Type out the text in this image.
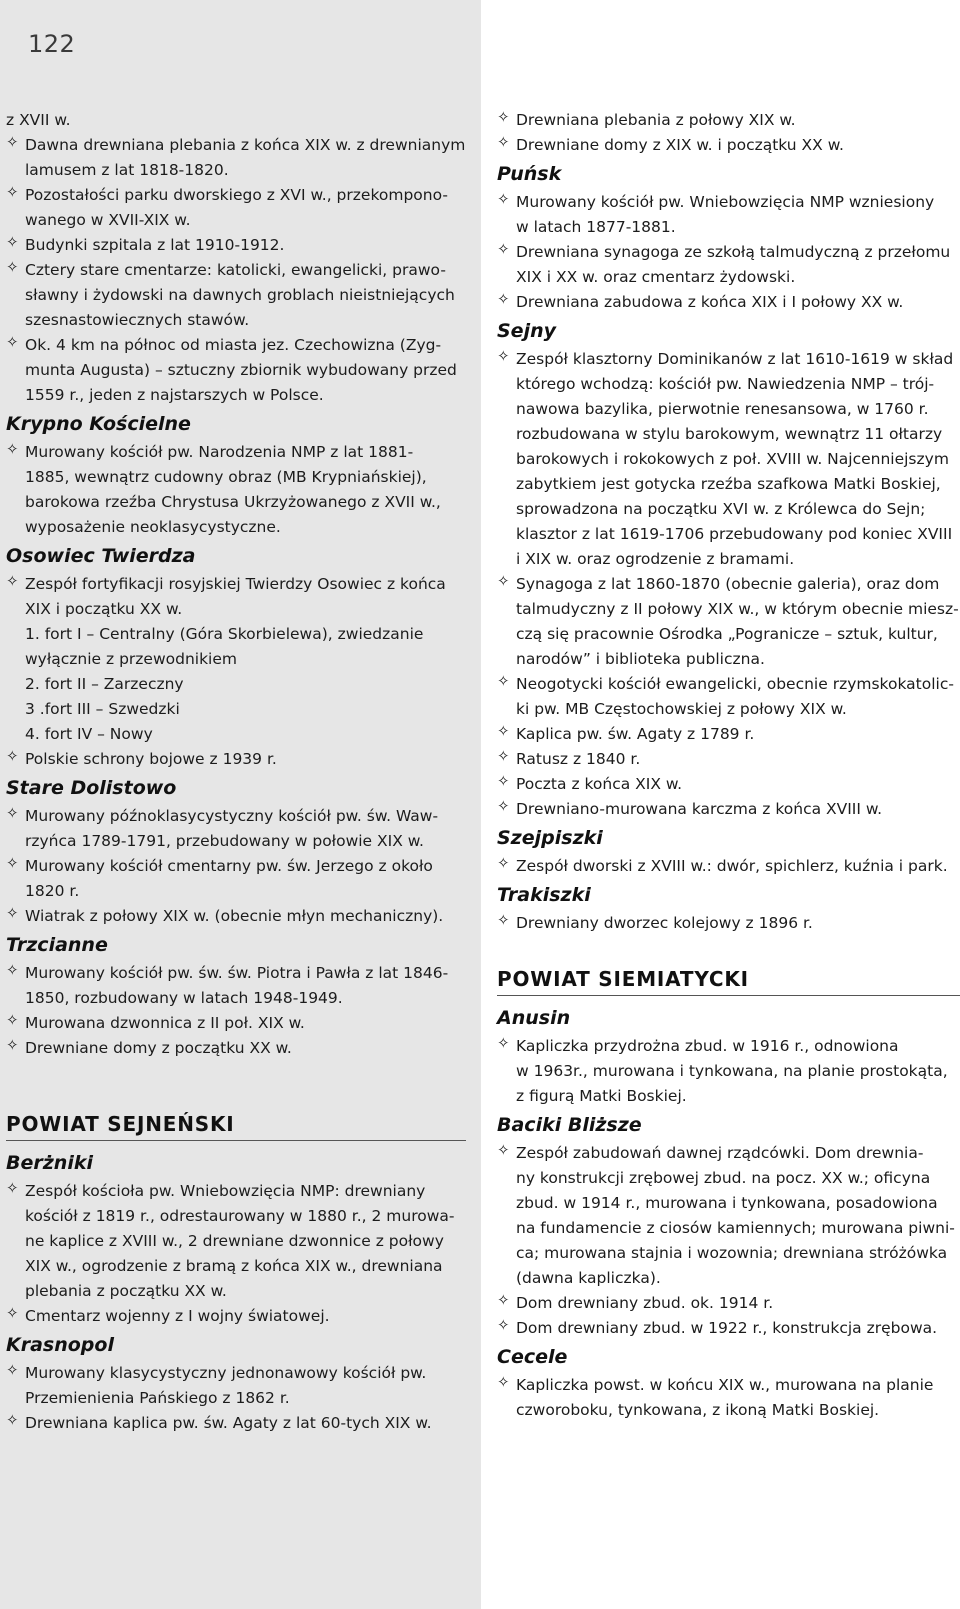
122
z XVII w.
✧ Dawna drewniana plebania z końca XIX w. z drewnianym
lamusem z lat 1818-1820.
✧ Pozostałości parku dworskiego z XVI w., przekompono-
wanego w XVII-XIX w.
✧ Budynki szpitala z lat 1910-1912.
✧ Cztery stare cmentarze: katolicki, ewangelicki, prawo-
sławny i żydowski na dawnych groblach nieistniejących
szesnastowiecznych stawów.
✧ Ok. 4 km na północ od miasta jez. Czechowizna (Zyg-
munta Augusta) – sztuczny zbiornik wybudowany przed
1559 r., jeden z najstarszych w Polsce.
Krypno Kościelne
✧ Murowany kościół pw. Narodzenia NMP z lat 1881-
1885, wewnątrz cudowny obraz (MB Krypniańskiej),
barokowa rzeźba Chrystusa Ukrzyżowanego z XVII w.,
wyposażenie neoklasycystyczne.
Osowiec Twierdza
✧ Zespół fortyfikacji rosyjskiej Twierdzy Osowiec z końca
XIX i początku XX w.
1. fort I – Centralny (Góra Skorbielewa), zwiedzanie
wyłącznie z przewodnikiem
2. fort II – Zarzeczny
3 .fort III – Szwedzki
4. fort IV – Nowy
✧ Polskie schrony bojowe z 1939 r.
Stare Dolistowo
✧ Murowany późnoklasycystyczny kościół pw. św. Waw-
rzyńca 1789-1791, przebudowany w połowie XIX w.
✧ Murowany kościół cmentarny pw. św. Jerzego z około
1820 r.
✧ Wiatrak z połowy XIX w. (obecnie młyn mechaniczny).
Trzcianne
✧ Murowany kościół pw. św. św. Piotra i Pawła z lat 1846-
1850, rozbudowany w latach 1948-1949.
✧ Murowana dzwonnica z II poł. XIX w.
✧ Drewniane domy z początku XX w.
POWIAT SEJNEŃSKI
Berżniki
✧ Zespół kościoła pw. Wniebowzięcia NMP: drewniany
kościół z 1819 r., odrestaurowany w 1880 r., 2 murowa-
ne kaplice z XVIII w., 2 drewniane dzwonnice z połowy
XIX w., ogrodzenie z bramą z końca XIX w., drewniana
plebania z początku XX w.
✧ Cmentarz wojenny z I wojny światowej.
Krasnopol
✧ Murowany klasycystyczny jednonawowy kościół pw.
Przemienienia Pańskiego z 1862 r.
✧ Drewniana kaplica pw. św. Agaty z lat 60-tych XIX w.
✧ Drewniana plebania z połowy XIX w.
✧ Drewniane domy z XIX w. i początku XX w.
Puńsk
✧ Murowany kościół pw. Wniebowzięcia NMP wzniesiony
w latach 1877-1881.
✧ Drewniana synagoga ze szkołą talmudyczną z przełomu
XIX i XX w. oraz cmentarz żydowski.
✧ Drewniana zabudowa z końca XIX i I połowy XX w.
Sejny
✧ Zespół klasztorny Dominikanów z lat 1610-1619 w skład
którego wchodzą: kościół pw. Nawiedzenia NMP – trój-
nawowa bazylika, pierwotnie renesansowa, w 1760 r.
rozbudowana w stylu barokowym, wewnątrz 11 ołtarzy
barokowych i rokokowych z poł. XVIII w. Najcenniejszym
zabytkiem jest gotycka rzeźba szafkowa Matki Boskiej,
sprowadzona na początku XVI w. z Królewca do Sejn;
klasztor z lat 1619-1706 przebudowany pod koniec XVIII
i XIX w. oraz ogrodzenie z bramami.
✧ Synagoga z lat 1860-1870 (obecnie galeria), oraz dom
talmudyczny z II połowy XIX w., w którym obecnie miesz-
czą się pracownie Ośrodka „Pogranicze – sztuk, kultur,
narodów” i biblioteka publiczna.
✧ Neogotycki kościół ewangelicki, obecnie rzymskokatolic-
ki pw. MB Częstochowskiej z połowy XIX w.
✧ Kaplica pw. św. Agaty z 1789 r.
✧ Ratusz z 1840 r.
✧ Poczta z końca XIX w.
✧ Drewniano-murowana karczma z końca XVIII w.
Szejpiszki
✧ Zespół dworski z XVIII w.: dwór, spichlerz, kuźnia i park.
Trakiszki
✧ Drewniany dworzec kolejowy z 1896 r.
POWIAT SIEMIATYCKI
Anusin
✧ Kapliczka przydrożna zbud. w 1916 r., odnowiona
w 1963r., murowana i tynkowana, na planie prostokąta,
z figurą Matki Boskiej.
Baciki Bliższe
✧ Zespół zabudowań dawnej rządcówki. Dom drewnia-
ny konstrukcji zrębowej zbud. na pocz. XX w.; oficyna
zbud. w 1914 r., murowana i tynkowana, posadowiona
na fundamencie z ciosów kamiennych; murowana piwni-
ca; murowana stajnia i wozownia; drewniana stróżówka
(dawna kapliczka).
✧ Dom drewniany zbud. ok. 1914 r.
✧ Dom drewniany zbud. w 1922 r., konstrukcja zrębowa.
Cecele
✧ Kapliczka powst. w końcu XIX w., murowana na planie
czworoboku, tynkowana, z ikoną Matki Boskiej.
